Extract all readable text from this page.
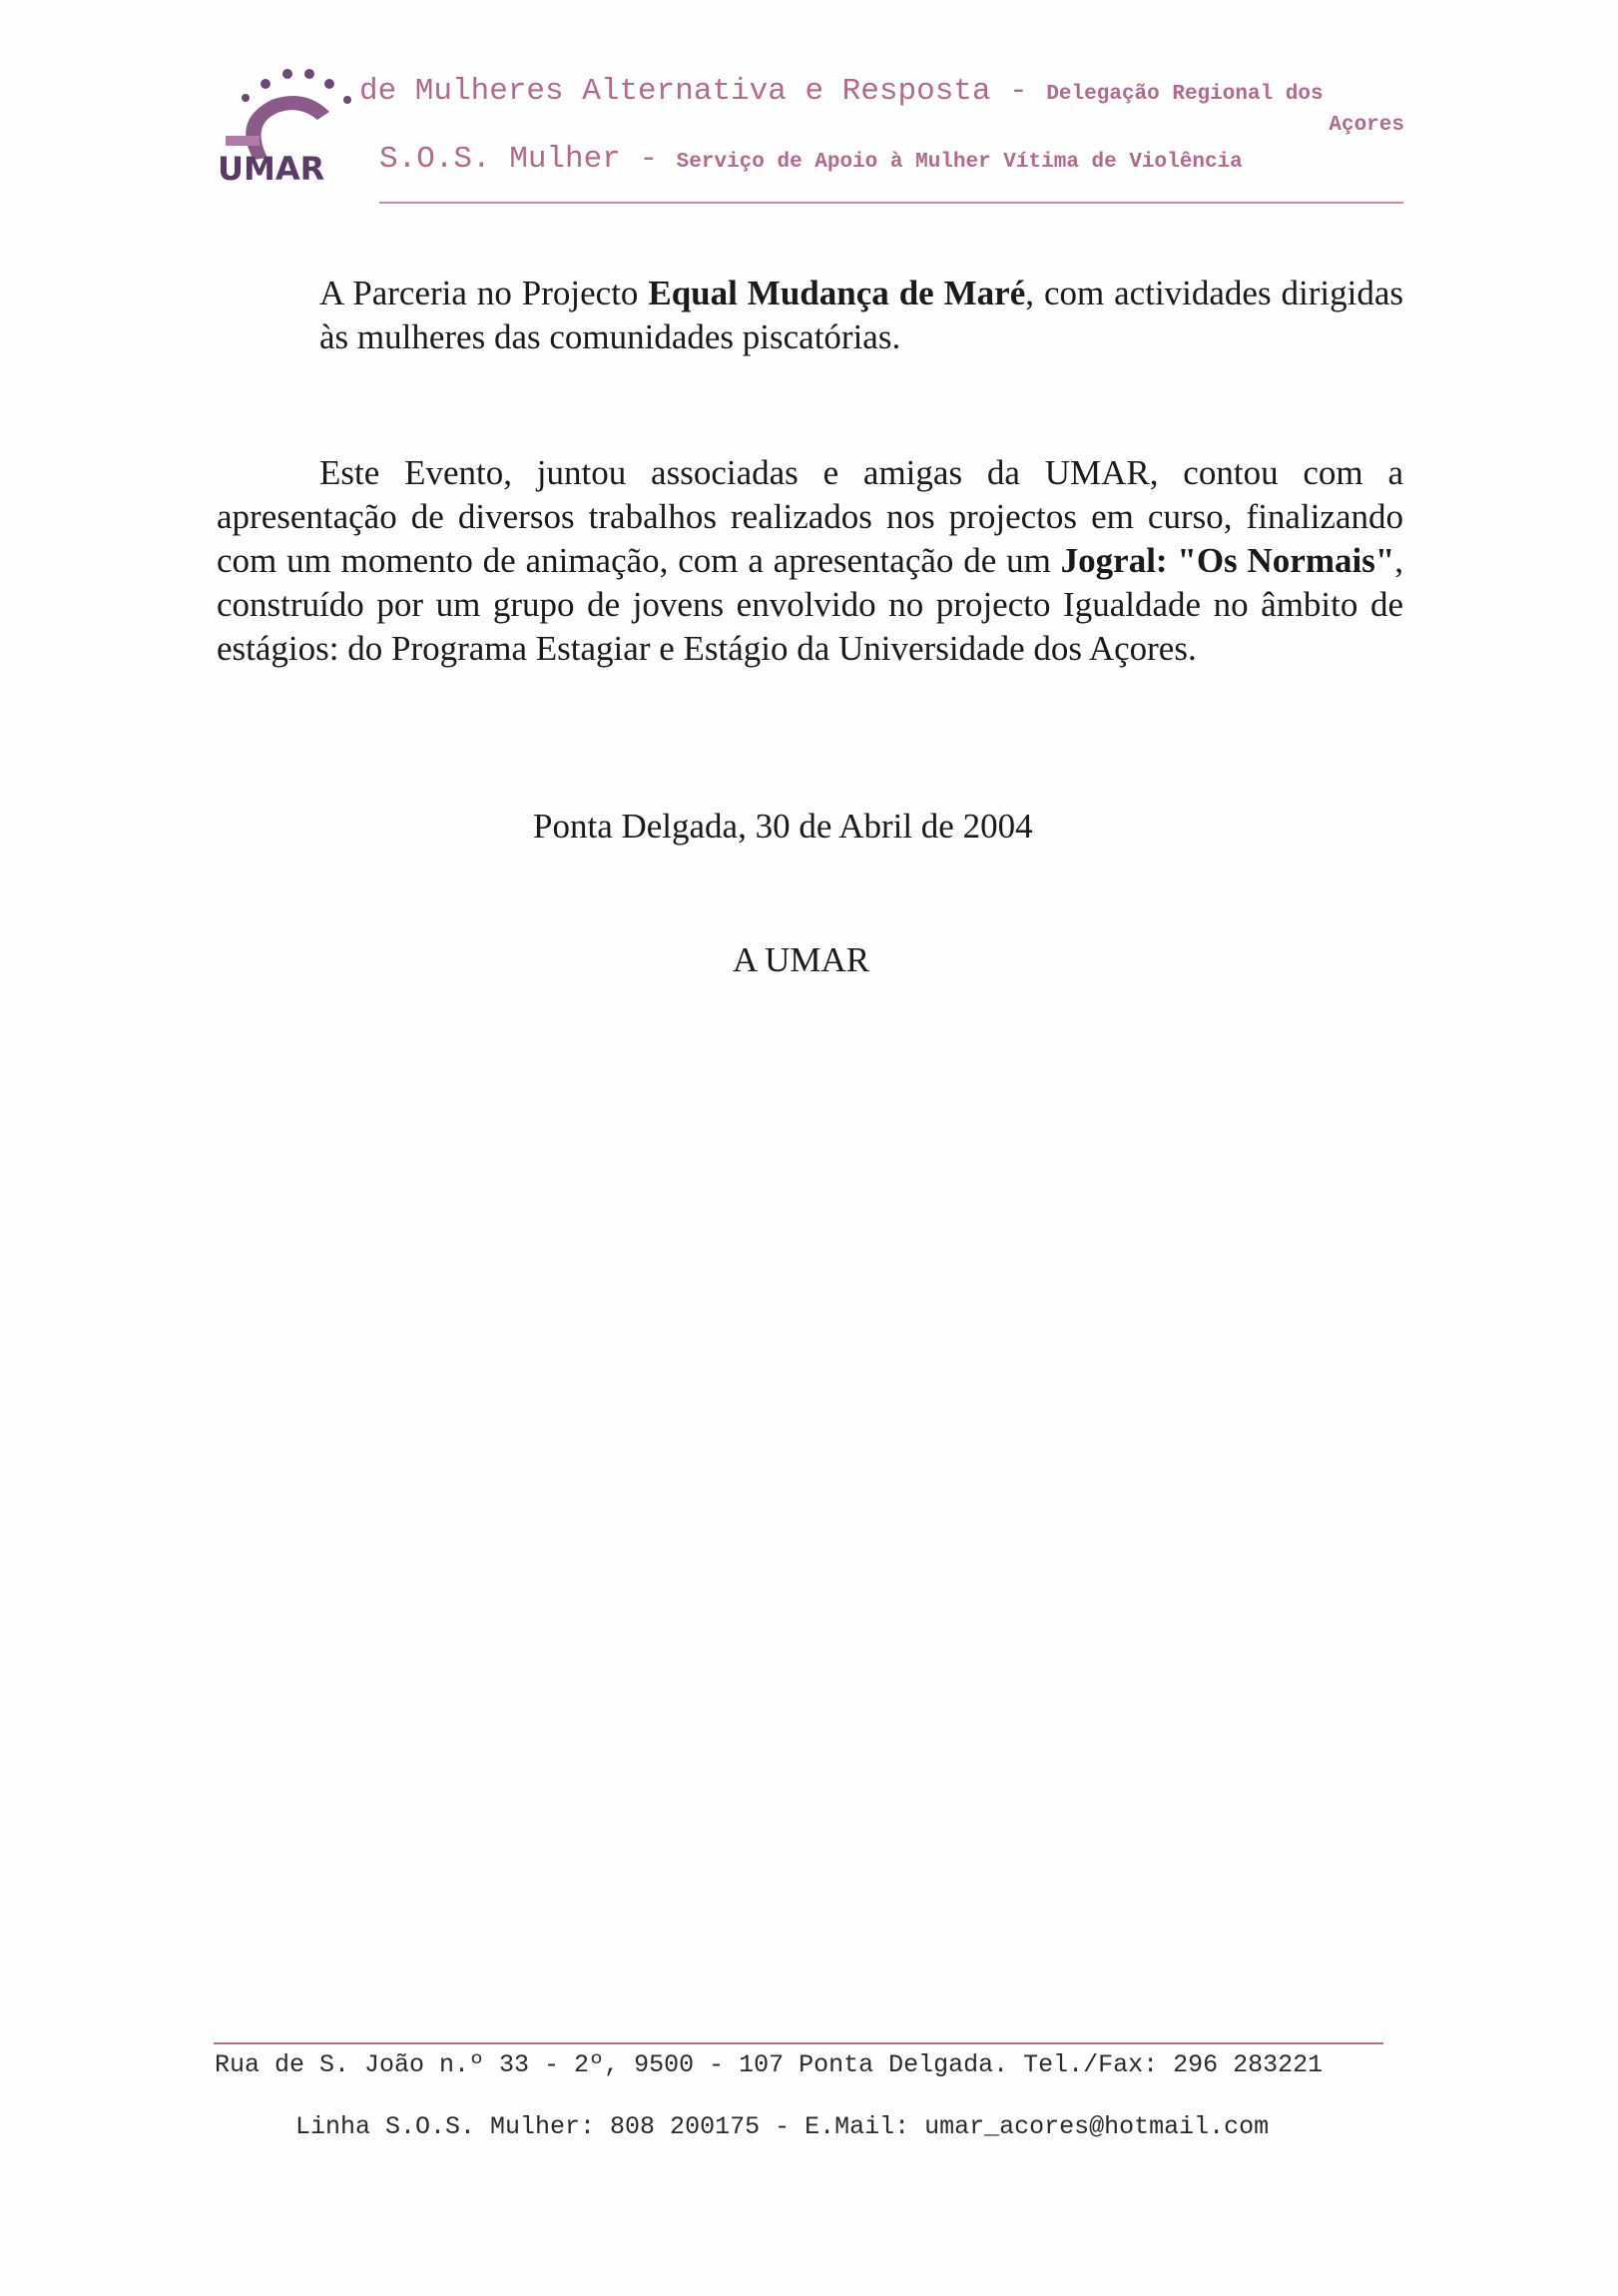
UMAR
de Mulheres Alternativa e Resposta - Delegação Regional dos
Açores
S.O.S. Mulher - Serviço de Apoio à Mulher Vítima de Violência
A Parceria no Projecto Equal Mudança de Maré, com actividades dirigidas às mulheres das comunidades piscatórias.
Este Evento, juntou associadas e amigas da UMAR, contou com a apresentação de diversos trabalhos realizados nos projectos em curso, finalizando com um momento de animação, com a apresentação de um Jogral: "Os Normais", construído por um grupo de jovens envolvido no projecto Igualdade no âmbito de estágios: do Programa Estagiar e Estágio da Universidade dos Açores.
Ponta Delgada, 30 de Abril de 2004
A UMAR
Rua de S. João n.º 33 - 2º, 9500 - 107 Ponta Delgada. Tel./Fax: 296 283221
Linha S.O.S. Mulher: 808 200175 - E.Mail: umar_acores@hotmail.com
